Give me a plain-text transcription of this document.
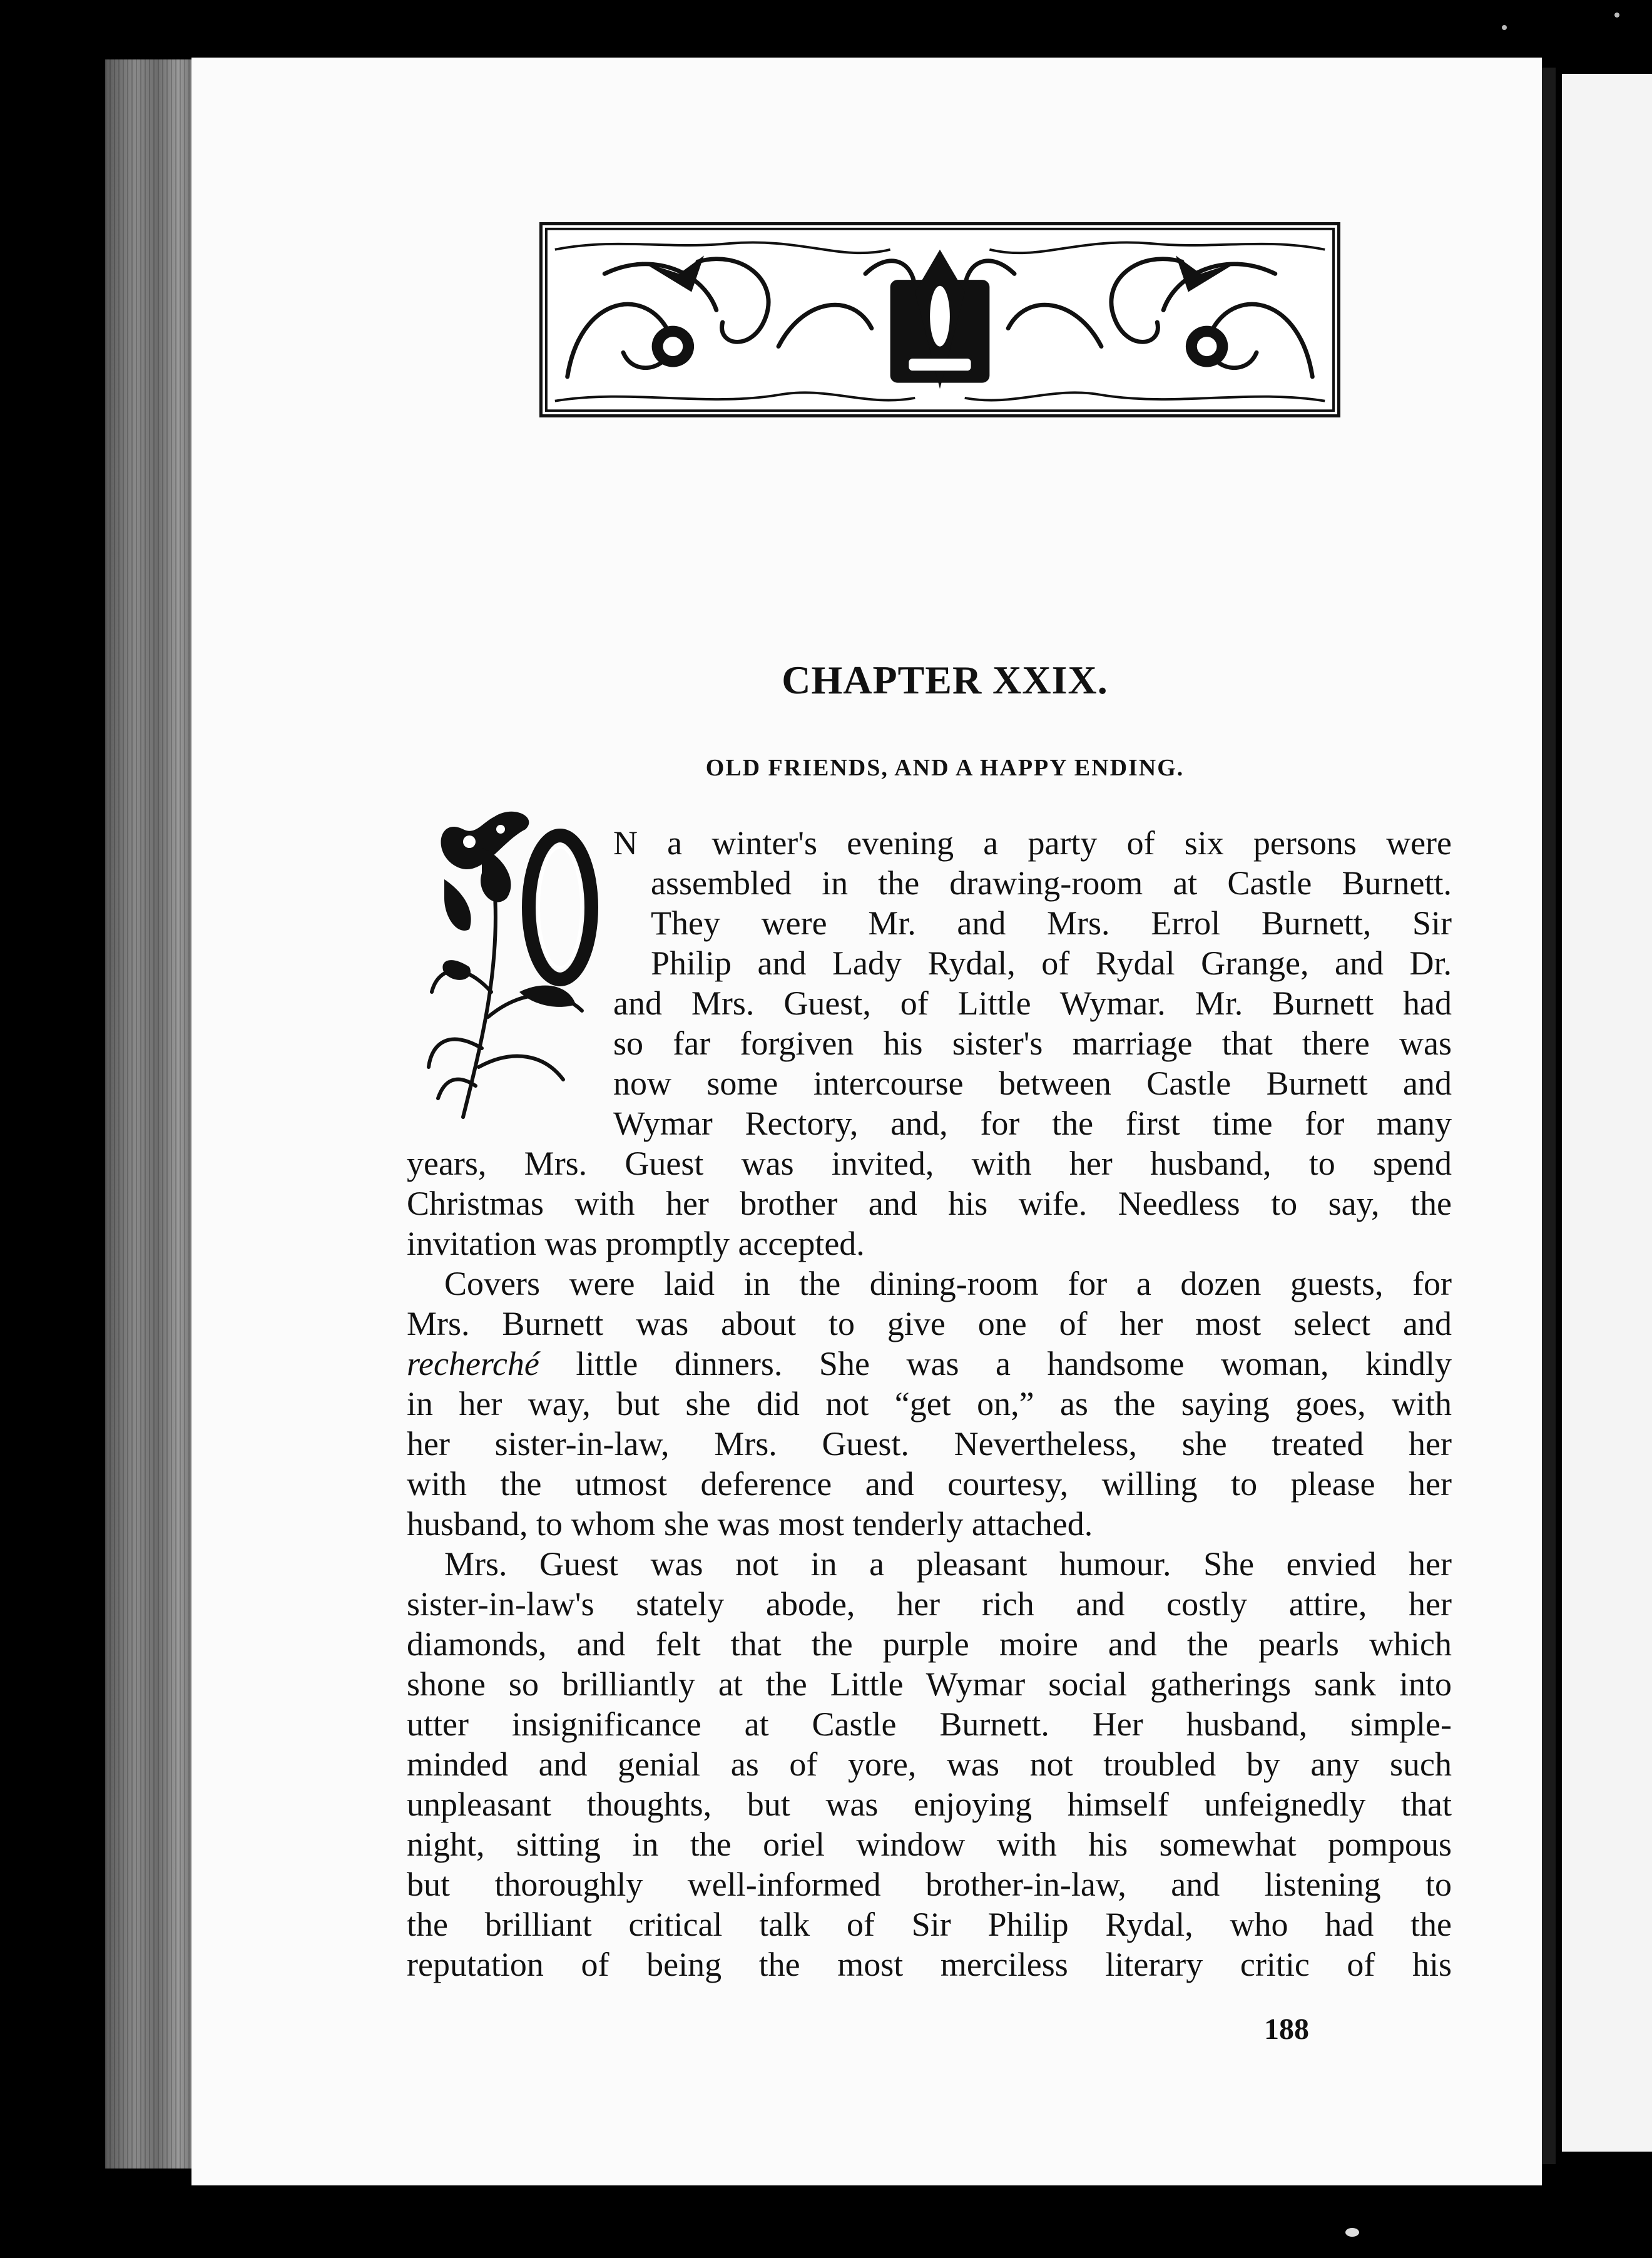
CHAPTER XXIX.
OLD FRIENDS, AND A HAPPY ENDING.
N a winter's evening a party of six persons were
assembled in the drawing-room at Castle Burnett.
They were Mr. and Mrs. Errol Burnett, Sir
Philip and Lady Rydal, of Rydal Grange, and Dr.
and Mrs. Guest, of Little Wymar. Mr. Burnett had
so far forgiven his sister's marriage that there was
now some intercourse between Castle Burnett and
Wymar Rectory, and, for the first time for many
years, Mrs. Guest was invited, with her husband, to spend
Christmas with her brother and his wife. Needless to say, the
invitation was promptly accepted.
Covers were laid in the dining-room for a dozen guests, for
Mrs. Burnett was about to give one of her most select and
recherché little dinners. She was a handsome woman, kindly
in her way, but she did not “get on,” as the saying goes, with
her sister-in-law, Mrs. Guest. Nevertheless, she treated her
with the utmost deference and courtesy, willing to please her
husband, to whom she was most tenderly attached.
Mrs. Guest was not in a pleasant humour. She envied her
sister-in-law's stately abode, her rich and costly attire, her
diamonds, and felt that the purple moire and the pearls which
shone so brilliantly at the Little Wymar social gatherings sank into
utter insignificance at Castle Burnett. Her husband, simple-
minded and genial as of yore, was not troubled by any such
unpleasant thoughts, but was enjoying himself unfeignedly that
night, sitting in the oriel window with his somewhat pompous
but thoroughly well-informed brother-in-law, and listening to
the brilliant critical talk of Sir Philip Rydal, who had the
reputation of being the most merciless literary critic of his
188
